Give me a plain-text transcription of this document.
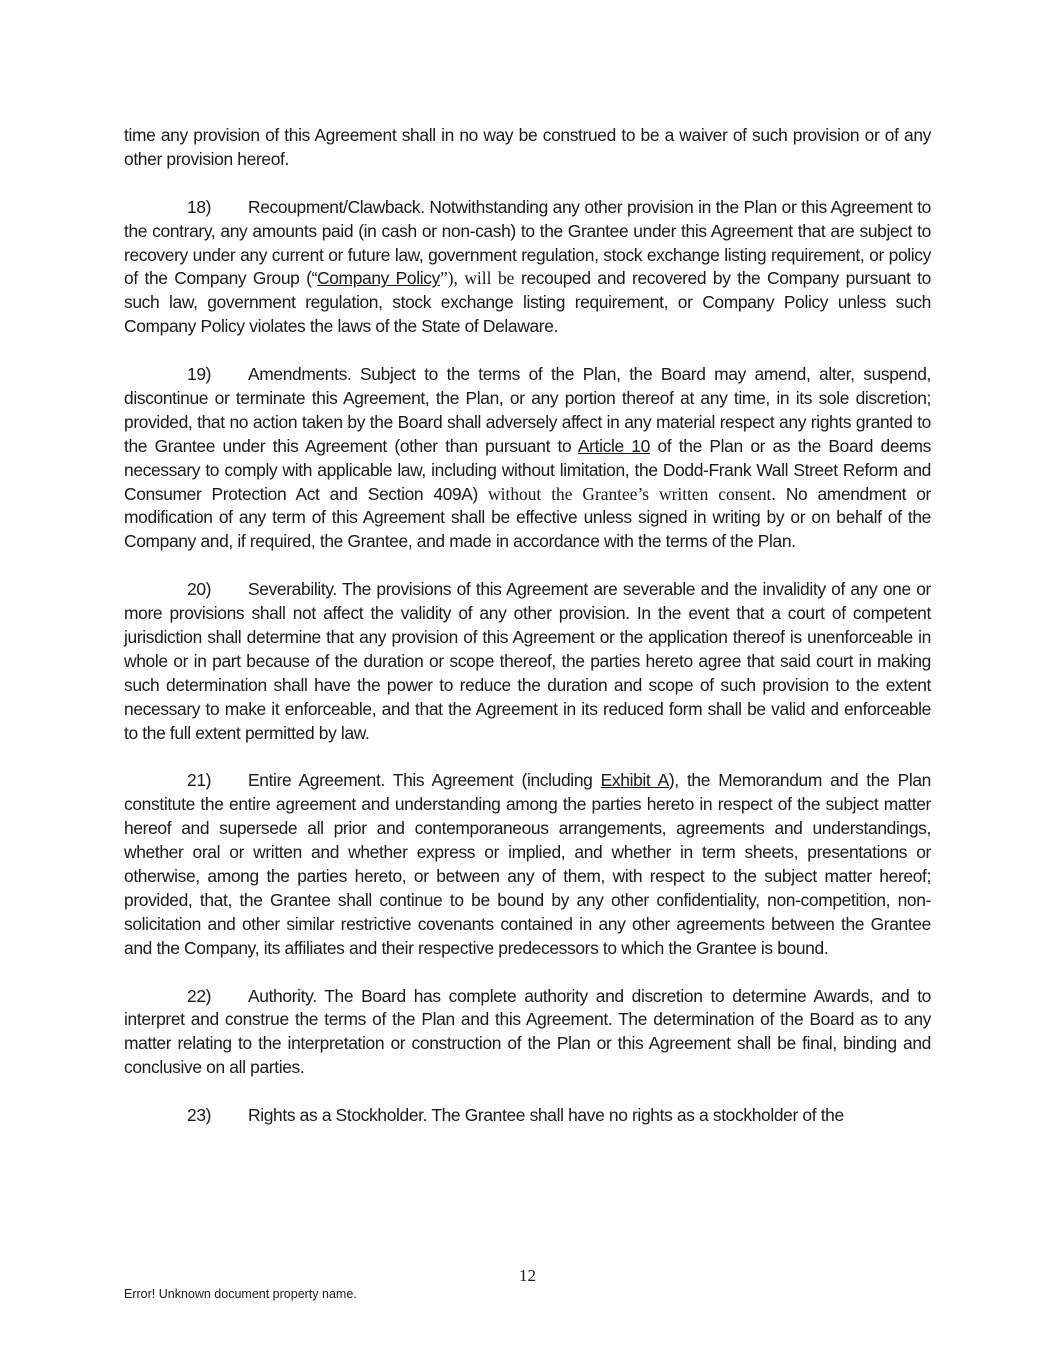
time any provision of this Agreement shall in no way be construed to be a waiver of such provision or of any other provision hereof.

18) Recoupment/Clawback. Notwithstanding any other provision in the Plan or this Agreement to the contrary, any amounts paid (in cash or non-cash) to the Grantee under this Agreement that are subject to recovery under any current or future law, government regulation, stock exchange listing requirement, or policy of the Company Group (“Company Policy”), will be recouped and recovered by the Company pursuant to such law, government regulation, stock exchange listing requirement, or Company Policy unless such Company Policy violates the laws of the State of Delaware.

19) Amendments. Subject to the terms of the Plan, the Board may amend, alter, suspend, discontinue or terminate this Agreement, the Plan, or any portion thereof at any time, in its sole discretion; provided, that no action taken by the Board shall adversely affect in any material respect any rights granted to the Grantee under this Agreement (other than pursuant to Article 10 of the Plan or as the Board deems necessary to comply with applicable law, including without limitation, the Dodd-Frank Wall Street Reform and Consumer Protection Act and Section 409A) without the Grantee’s written consent. No amendment or modification of any term of this Agreement shall be effective unless signed in writing by or on behalf of the Company and, if required, the Grantee, and made in accordance with the terms of the Plan.

20) Severability. The provisions of this Agreement are severable and the invalidity of any one or more provisions shall not affect the validity of any other provision. In the event that a court of competent jurisdiction shall determine that any provision of this Agreement or the application thereof is unenforceable in whole or in part because of the duration or scope thereof, the parties hereto agree that said court in making such determination shall have the power to reduce the duration and scope of such provision to the extent necessary to make it enforceable, and that the Agreement in its reduced form shall be valid and enforceable to the full extent permitted by law.

21) Entire Agreement. This Agreement (including Exhibit A), the Memorandum and the Plan constitute the entire agreement and understanding among the parties hereto in respect of the subject matter hereof and supersede all prior and contemporaneous arrangements, agreements and understandings, whether oral or written and whether express or implied, and whether in term sheets, presentations or otherwise, among the parties hereto, or between any of them, with respect to the subject matter hereof; provided, that, the Grantee shall continue to be bound by any other confidentiality, non-competition, non-solicitation and other similar restrictive covenants contained in any other agreements between the Grantee and the Company, its affiliates and their respective predecessors to which the Grantee is bound.

22) Authority. The Board has complete authority and discretion to determine Awards, and to interpret and construe the terms of the Plan and this Agreement. The determination of the Board as to any matter relating to the interpretation or construction of the Plan or this Agreement shall be final, binding and conclusive on all parties.

23) Rights as a Stockholder. The Grantee shall have no rights as a stockholder of the

12
Error! Unknown document property name.
